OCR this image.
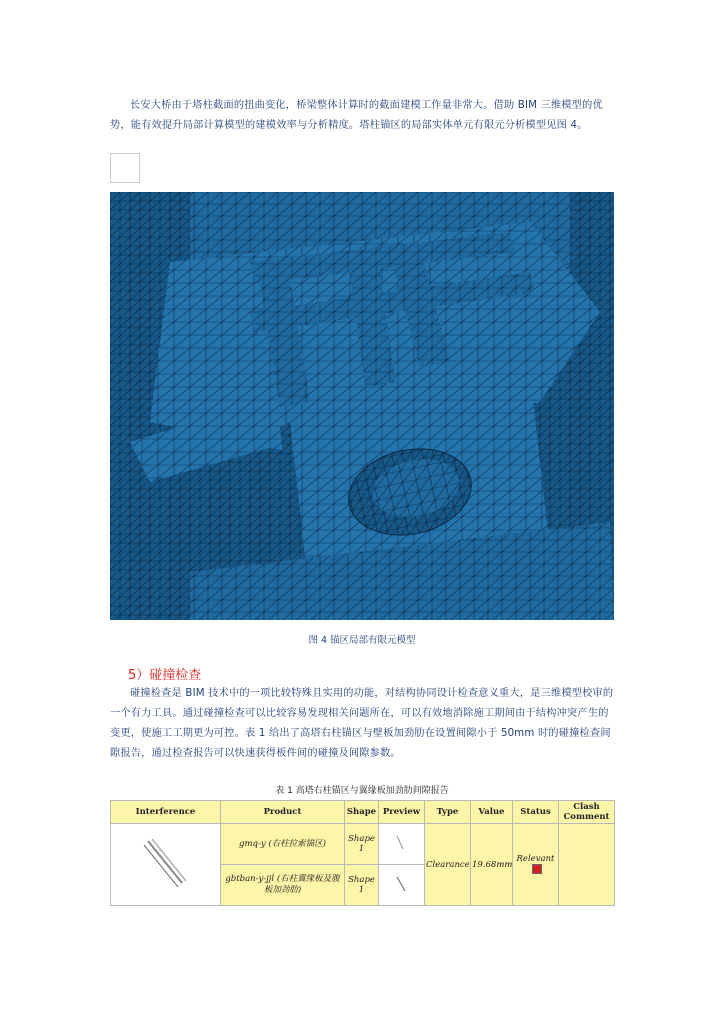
长安大桥由于塔柱截面的扭曲变化，桥梁整体计算时的截面建模工作量非常大。借助 BIM 三维模型的优势，能有效提升局部计算模型的建模效率与分析精度。塔柱锚区的局部实体单元有限元分析模型见图 4。

图 4 锚区局部有限元模型
5）碰撞检查

碰撞检查是 BIM 技术中的一项比较特殊且实用的功能，对结构协同设计检查意义重大，是三维模型校审的一个有力工具。通过碰撞检查可以比较容易发现相关问题所在，可以有效地消除施工期间由于结构冲突产生的变更，使施工工期更为可控。表 1 给出了高塔右柱锚区与壁板加劲肋在设置间隙小于 50mm 时的碰撞检查间隙报告，通过检查报告可以快速获得板件间的碰撞及间隙参数。

表 1 高塔右柱锚区与翼缘板加劲肋间隙报告
Interference	Product	Shape	Preview	Type	Value	Status	Clash Comment
	gmq-y (右柱拉索锚区)	Shape 1		Clearance	19.68mm	Relevant	
	gbtban-y-jjl (右柱翼缘板及腹板加劲肋)	Shape 1	
